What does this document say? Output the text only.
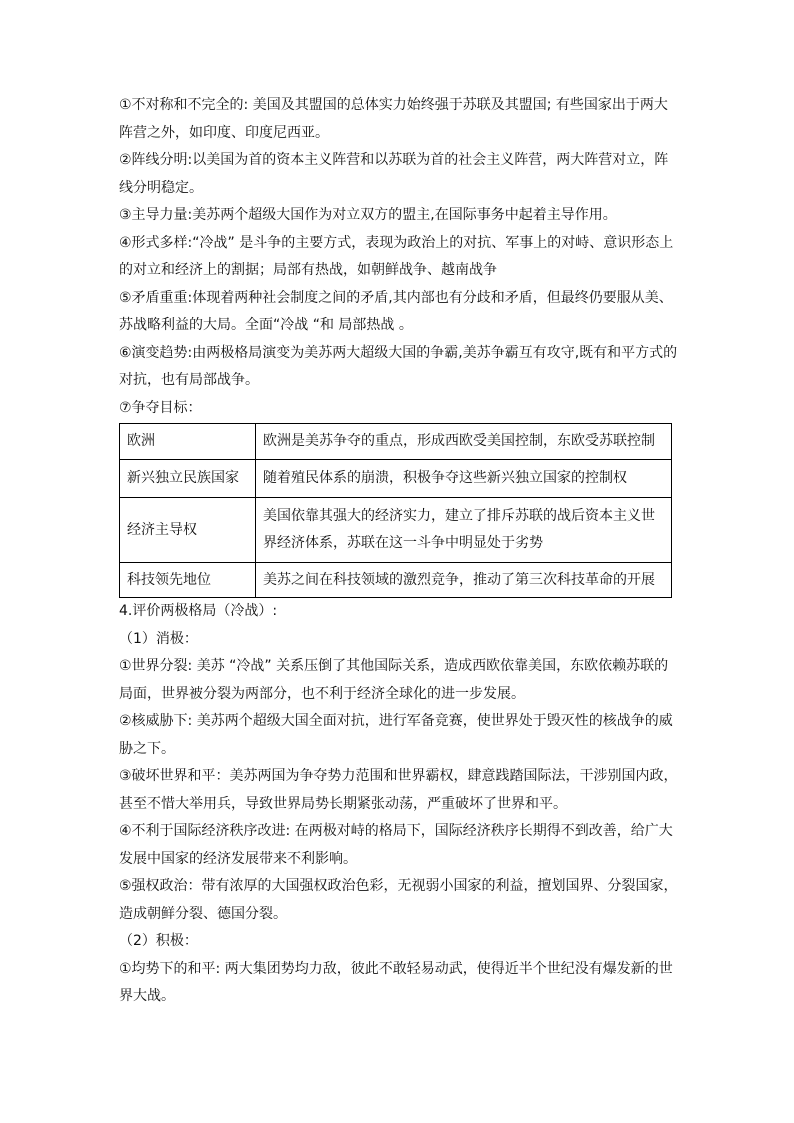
①不对称和不完全的: 美国及其盟国的总体实力始终强于苏联及其盟国; 有些国家出于两大阵营之外，如印度、印度尼西亚。

②阵线分明:以美国为首的资本主义阵营和以苏联为首的社会主义阵营，两大阵营对立，阵线分明稳定。

③主导力量:美苏两个超级大国作为对立双方的盟主,在国际事务中起着主导作用。

④形式多样:“冷战” 是斗争的主要方式，表现为政治上的对抗、军事上的对峙、意识形态上的对立和经济上的割据；局部有热战，如朝鲜战争、越南战争

⑤矛盾重重:体现着两种社会制度之间的矛盾,其内部也有分歧和矛盾，但最终仍要服从美、苏战略利益的大局。全面“冷战 “和 局部热战 。

⑥演变趋势:由两极格局演变为美苏两大超级大国的争霸,美苏争霸互有攻守,既有和平方式的对抗，也有局部战争。

⑦争夺目标：

欧洲	欧洲是美苏争夺的重点，形成西欧受美国控制，东欧受苏联控制
新兴独立民族国家	随着殖民体系的崩溃，积极争夺这些新兴独立国家的控制权
经济主导权	美国依靠其强大的经济实力，建立了排斥苏联的战后资本主义世界经济体系，苏联在这一斗争中明显处于劣势
科技领先地位	美苏之间在科技领域的激烈竞争，推动了第三次科技革命的开展

4.评价两极格局（冷战）:

（1）消极：

①世界分裂: 美苏 “冷战” 关系压倒了其他国际关系，造成西欧依靠美国，东欧依赖苏联的局面，世界被分裂为两部分，也不利于经济全球化的进一步发展。

②核威胁下: 美苏两个超级大国全面对抗，进行军备竞赛，使世界处于毁灭性的核战争的威胁之下。

③破坏世界和平：美苏两国为争夺势力范围和世界霸权，肆意践踏国际法，干涉别国内政，甚至不惜大举用兵，导致世界局势长期紧张动荡，严重破坏了世界和平。

④不利于国际经济秩序改进: 在两极对峙的格局下，国际经济秩序长期得不到改善，给广大发展中国家的经济发展带来不利影响。

⑤强权政治：带有浓厚的大国强权政治色彩，无视弱小国家的利益，擅划国界、分裂国家，造成朝鲜分裂、德国分裂。

（2）积极：

①均势下的和平: 两大集团势均力敌，彼此不敢轻易动武，使得近半个世纪没有爆发新的世界大战。
